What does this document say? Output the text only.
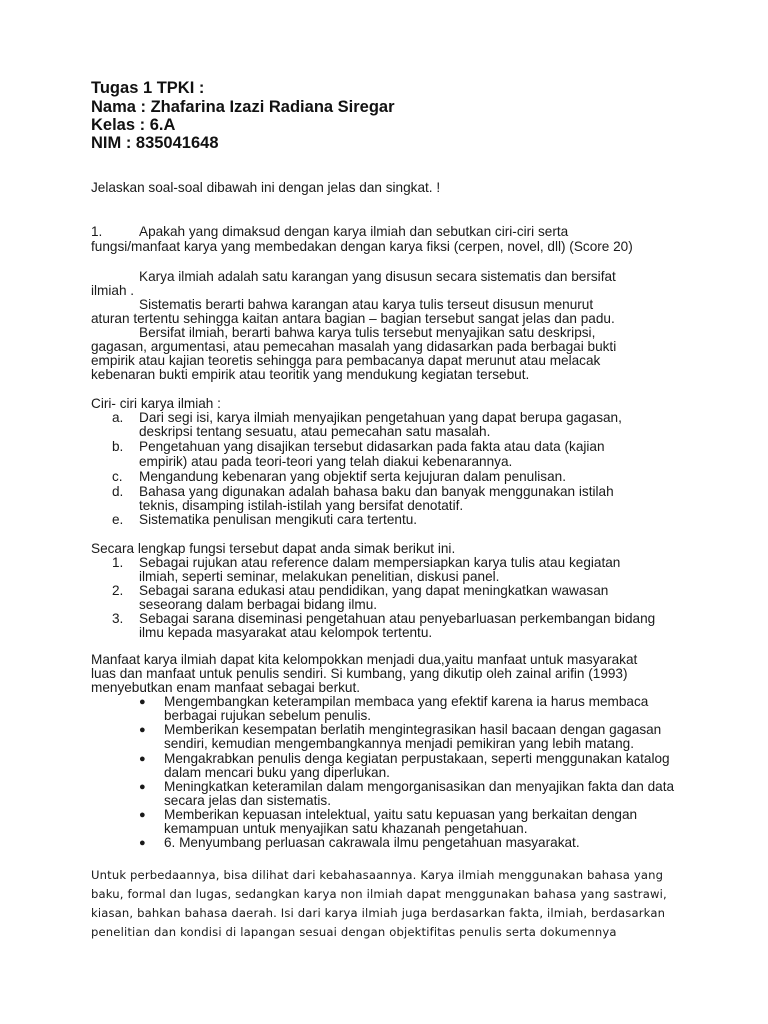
Tugas 1 TPKI :
Nama : Zhafarina Izazi Radiana Siregar
Kelas : 6.A
NIM : 835041648
Jelaskan soal-soal dibawah ini dengan jelas dan singkat. !
1.	Apakah yang dimaksud dengan karya ilmiah dan sebutkan ciri-ciri serta
fungsi/manfaat karya yang membedakan dengan karya fiksi (cerpen, novel, dll) (Score 20)
Karya ilmiah adalah satu karangan yang disusun secara sistematis dan bersifat
ilmiah .
Sistematis berarti bahwa karangan atau karya tulis terseut disusun menurut
aturan tertentu sehingga kaitan antara bagian – bagian tersebut sangat jelas dan padu.
Bersifat ilmiah, berarti bahwa karya tulis tersebut menyajikan satu deskripsi,
gagasan, argumentasi, atau pemecahan masalah yang didasarkan pada berbagai bukti
empirik atau kajian teoretis sehingga para pembacanya dapat merunut atau melacak
kebenaran bukti empirik atau teoritik yang mendukung kegiatan tersebut.
Ciri- ciri karya ilmiah :
a. Dari segi isi, karya ilmiah menyajikan pengetahuan yang dapat berupa gagasan,
deskripsi tentang sesuatu, atau pemecahan satu masalah.
b. Pengetahuan yang disajikan tersebut didasarkan pada fakta atau data (kajian
empirik) atau pada teori-teori yang telah diakui kebenarannya.
c. Mengandung kebenaran yang objektif serta kejujuran dalam penulisan.
d. Bahasa yang digunakan adalah bahasa baku dan banyak menggunakan istilah
teknis, disamping istilah-istilah yang bersifat denotatif.
e. Sistematika penulisan mengikuti cara tertentu.
Secara lengkap fungsi tersebut dapat anda simak berikut ini.
1. Sebagai rujukan atau reference dalam mempersiapkan karya tulis atau kegiatan
ilmiah, seperti seminar, melakukan penelitian, diskusi panel.
2. Sebagai sarana edukasi atau pendidikan, yang dapat meningkatkan wawasan
seseorang dalam berbagai bidang ilmu.
3. Sebagai sarana diseminasi pengetahuan atau penyebarluasan perkembangan bidang
ilmu kepada masyarakat atau kelompok tertentu.
Manfaat karya ilmiah dapat kita kelompokkan menjadi dua,yaitu manfaat untuk masyarakat
luas dan manfaat untuk penulis sendiri. Si kumbang, yang dikutip oleh zainal arifin (1993)
menyebutkan enam manfaat sebagai berkut.
● Mengembangkan keterampilan membaca yang efektif karena ia harus membaca
berbagai rujukan sebelum penulis.
● Memberikan kesempatan berlatih mengintegrasikan hasil bacaan dengan gagasan
sendiri, kemudian mengembangkannya menjadi pemikiran yang lebih matang.
● Mengakrabkan penulis denga kegiatan perpustakaan, seperti menggunakan katalog
dalam mencari buku yang diperlukan.
● Meningkatkan keteramilan dalam mengorganisasikan dan menyajikan fakta dan data
secara jelas dan sistematis.
● Memberikan kepuasan intelektual, yaitu satu kepuasan yang berkaitan dengan
kemampuan untuk menyajikan satu khazanah pengetahuan.
● 6. Menyumbang perluasan cakrawala ilmu pengetahuan masyarakat.
Untuk perbedaannya, bisa dilihat dari kebahasaannya. Karya ilmiah menggunakan bahasa yang
baku, formal dan lugas, sedangkan karya non ilmiah dapat menggunakan bahasa yang sastrawi,
kiasan, bahkan bahasa daerah. Isi dari karya ilmiah juga berdasarkan fakta, ilmiah, berdasarkan
penelitian dan kondisi di lapangan sesuai dengan objektifitas penulis serta dokumennya
